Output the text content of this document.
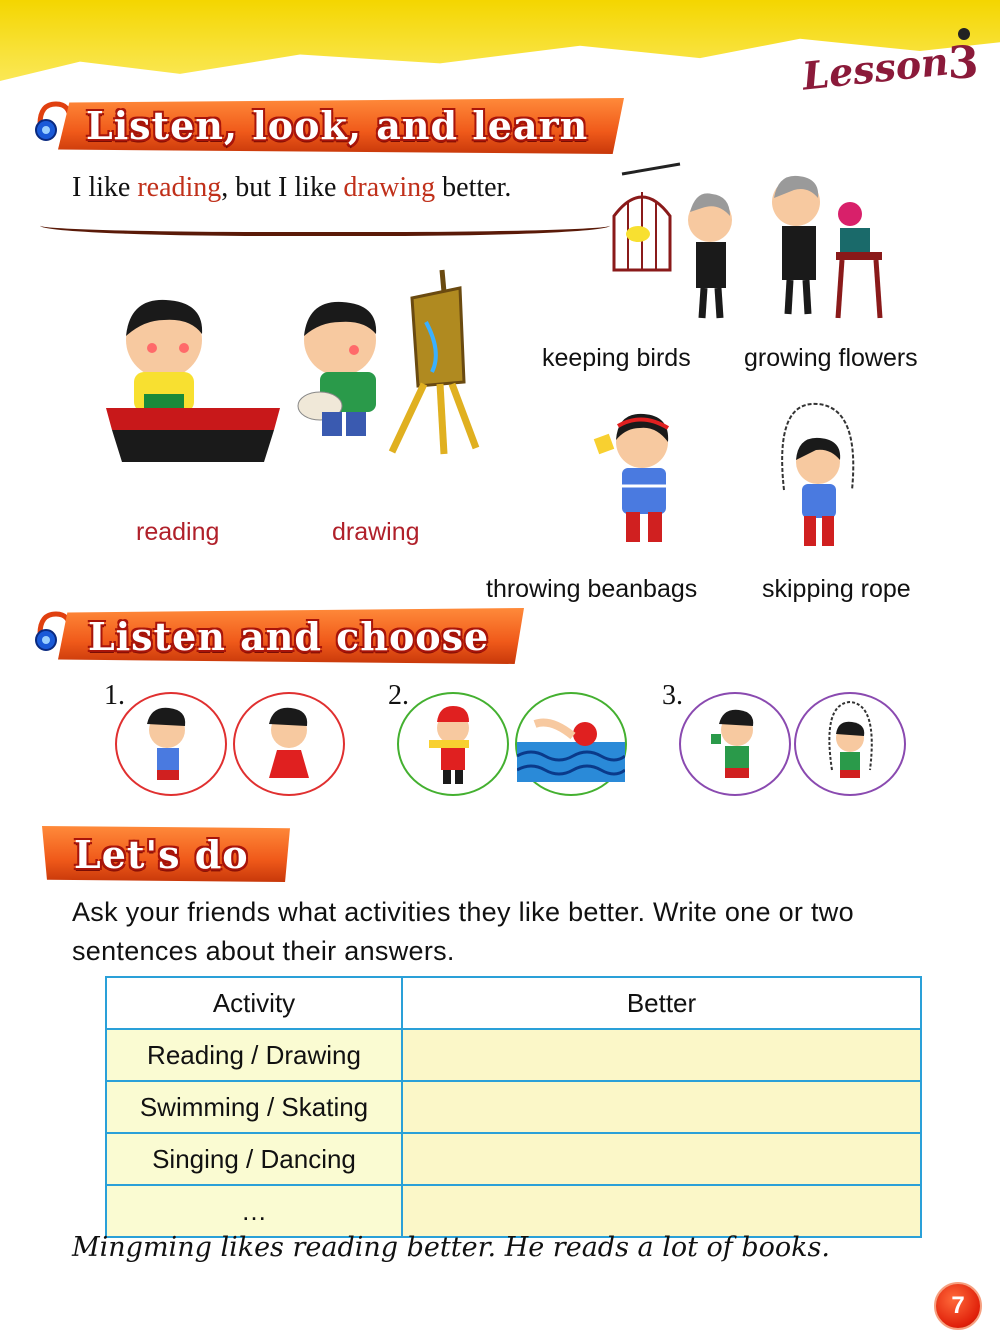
Lesson
3
Listen, look, and learn
I like reading, but I like drawing better.
reading	drawing
keeping birds growing flowers
throwing beanbags	skipping rope
Listen and choose
1.	2.	3.
Let's do
Ask your friends what activities they like better. Write one or two sentences about their answers.
Activity	Better
Reading / Drawing	
Swimming / Skating	
Singing / Dancing	
…	
Mingming likes reading better. He reads a lot of books.
7
